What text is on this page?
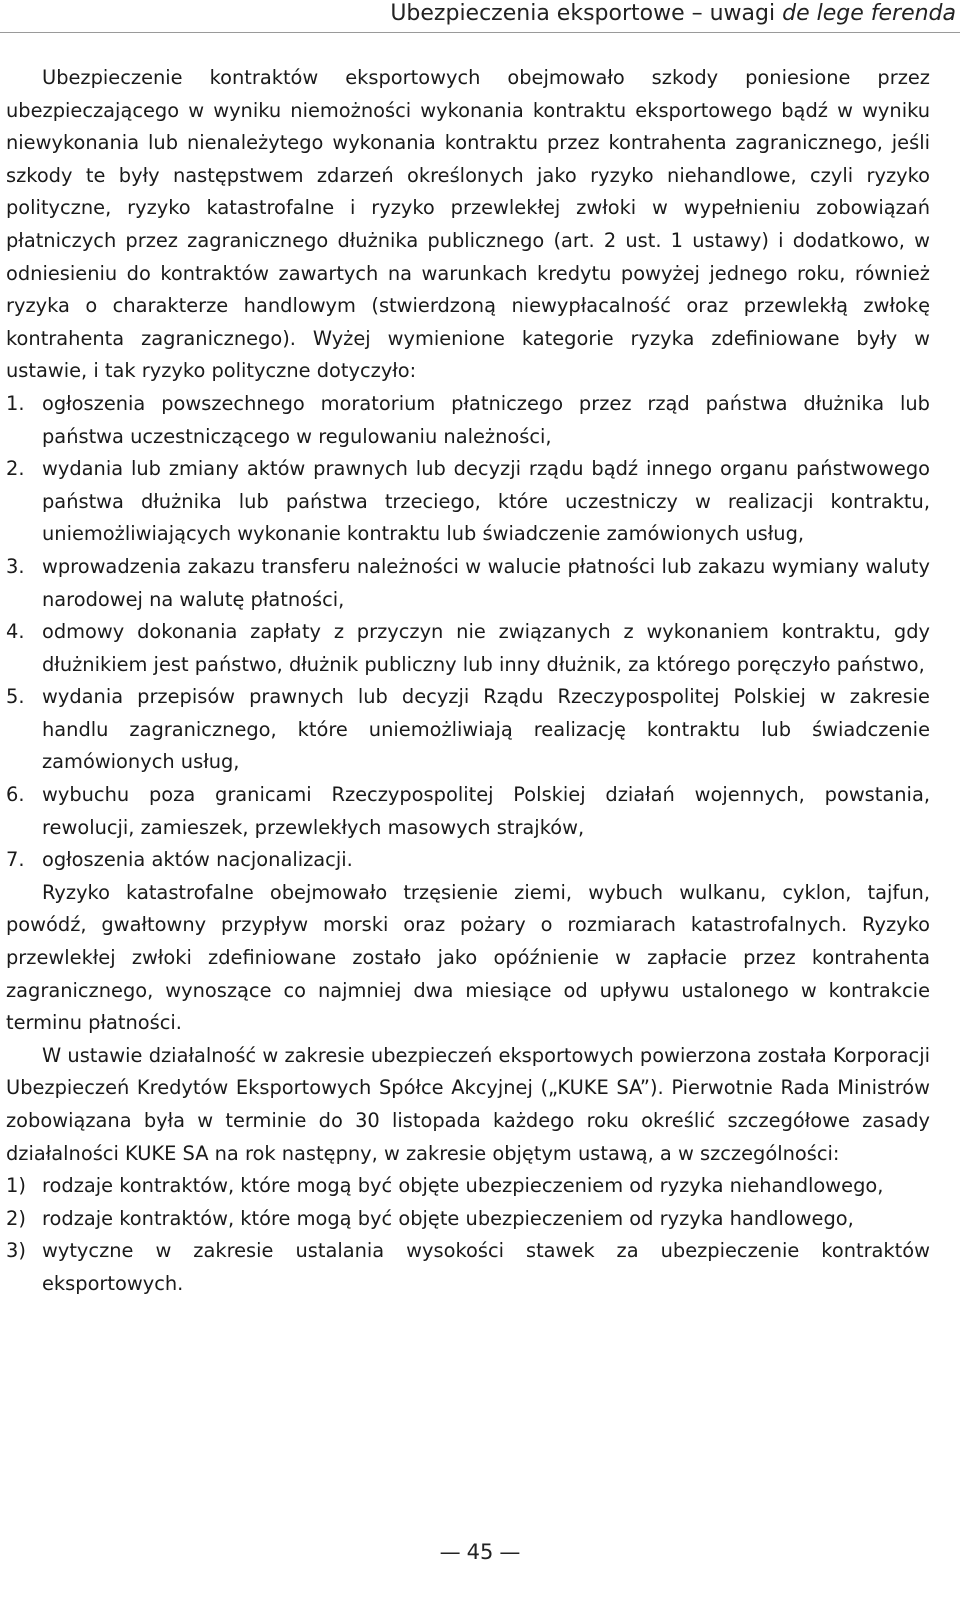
Ubezpieczenia eksportowe – uwagi de lege ferenda

Ubezpieczenie kontraktów eksportowych obejmowało szkody poniesione przez ubezpieczającego w wyniku niemożności wykonania kontraktu eksportowego bądź w wyniku niewykonania lub nienależytego wykonania kontraktu przez kontrahenta zagranicznego, jeśli szkody te były następstwem zdarzeń określonych jako ryzyko niehandlowe, czyli ryzyko polityczne, ryzyko katastrofalne i ryzyko przewlekłej zwłoki w wypełnieniu zobowiązań płatniczych przez zagranicznego dłużnika publicznego (art. 2 ust. 1 ustawy) i dodatkowo, w odniesieniu do kontraktów zawartych na warunkach kredytu powyżej jednego roku, również ryzyka o charakterze handlowym (stwierdzoną niewypłacalność oraz przewlekłą zwłokę kontrahenta zagranicznego). Wyżej wymienione kategorie ryzyka zdefiniowane były w ustawie, i tak ryzyko polityczne dotyczyło:

1. ogłoszenia powszechnego moratorium płatniczego przez rząd państwa dłużnika lub państwa uczestniczącego w regulowaniu należności,
2. wydania lub zmiany aktów prawnych lub decyzji rządu bądź innego organu państwowego państwa dłużnika lub państwa trzeciego, które uczestniczy w realizacji kontraktu, uniemożliwiających wykonanie kontraktu lub świadczenie zamówionych usług,
3. wprowadzenia zakazu transferu należności w walucie płatności lub zakazu wymiany waluty narodowej na walutę płatności,
4. odmowy dokonania zapłaty z przyczyn nie związanych z wykonaniem kontraktu, gdy dłużnikiem jest państwo, dłużnik publiczny lub inny dłużnik, za którego poręczyło państwo,
5. wydania przepisów prawnych lub decyzji Rządu Rzeczypospolitej Polskiej w zakresie handlu zagranicznego, które uniemożliwiają realizację kontraktu lub świadczenie zamówionych usług,
6. wybuchu poza granicami Rzeczypospolitej Polskiej działań wojennych, powstania, rewolucji, zamieszek, przewlekłych masowych strajków,
7. ogłoszenia aktów nacjonalizacji.

Ryzyko katastrofalne obejmowało trzęsienie ziemi, wybuch wulkanu, cyklon, tajfun, powódź, gwałtowny przypływ morski oraz pożary o rozmiarach katastrofalnych. Ryzyko przewlekłej zwłoki zdefiniowane zostało jako opóźnienie w zapłacie przez kontrahenta zagranicznego, wynoszące co najmniej dwa miesiące od upływu ustalonego w kontrakcie terminu płatności.

W ustawie działalność w zakresie ubezpieczeń eksportowych powierzona została Korporacji Ubezpieczeń Kredytów Eksportowych Spółce Akcyjnej („KUKE SA”). Pierwotnie Rada Ministrów zobowiązana była w terminie do 30 listopada każdego roku określić szczegółowe zasady działalności KUKE SA na rok następny, w zakresie objętym ustawą, a w szczególności:

1) rodzaje kontraktów, które mogą być objęte ubezpieczeniem od ryzyka niehandlowego,
2) rodzaje kontraktów, które mogą być objęte ubezpieczeniem od ryzyka handlowego,
3) wytyczne w zakresie ustalania wysokości stawek za ubezpieczenie kontraktów eksportowych.
— 45 —
